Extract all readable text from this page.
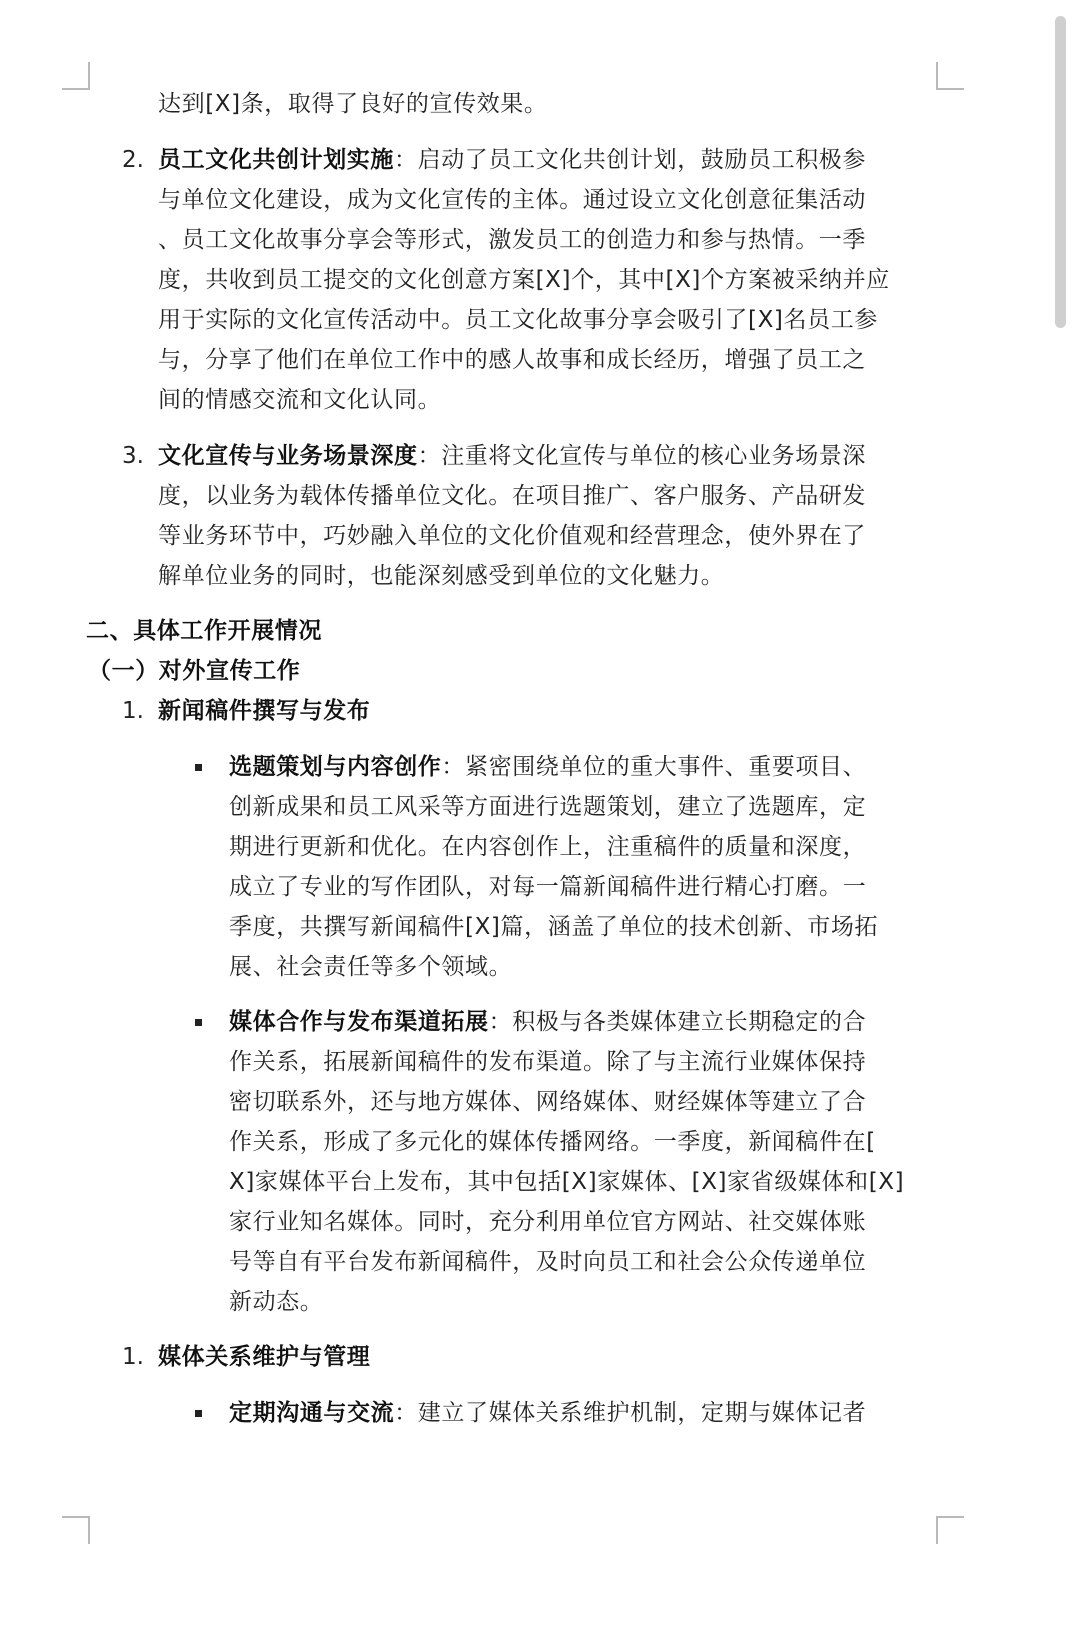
达到[X]条，取得了良好的宣传效果。
2. 员工文化共创计划实施：启动了员工文化共创计划，鼓励员工积极参
与单位文化建设，成为文化宣传的主体。通过设立文化创意征集活动
、员工文化故事分享会等形式，激发员工的创造力和参与热情。一季
度，共收到员工提交的文化创意方案[X]个，其中[X]个方案被采纳并应
用于实际的文化宣传活动中。员工文化故事分享会吸引了[X]名员工参
与，分享了他们在单位工作中的感人故事和成长经历，增强了员工之
间的情感交流和文化认同。
3. 文化宣传与业务场景深度：注重将文化宣传与单位的核心业务场景深
度，以业务为载体传播单位文化。在项目推广、客户服务、产品研发
等业务环节中，巧妙融入单位的文化价值观和经营理念，使外界在了
解单位业务的同时，也能深刻感受到单位的文化魅力。
二、具体工作开展情况
（一）对外宣传工作
1. 新闻稿件撰写与发布
选题策划与内容创作：紧密围绕单位的重大事件、重要项目、
创新成果和员工风采等方面进行选题策划，建立了选题库，定
期进行更新和优化。在内容创作上，注重稿件的质量和深度，
成立了专业的写作团队，对每一篇新闻稿件进行精心打磨。一
季度，共撰写新闻稿件[X]篇，涵盖了单位的技术创新、市场拓
展、社会责任等多个领域。
媒体合作与发布渠道拓展：积极与各类媒体建立长期稳定的合
作关系，拓展新闻稿件的发布渠道。除了与主流行业媒体保持
密切联系外，还与地方媒体、网络媒体、财经媒体等建立了合
作关系，形成了多元化的媒体传播网络。一季度，新闻稿件在[
X]家媒体平台上发布，其中包括[X]家媒体、[X]家省级媒体和[X]
家行业知名媒体。同时，充分利用单位官方网站、社交媒体账
号等自有平台发布新闻稿件，及时向员工和社会公众传递单位
新动态。
1. 媒体关系维护与管理
定期沟通与交流：建立了媒体关系维护机制，定期与媒体记者
